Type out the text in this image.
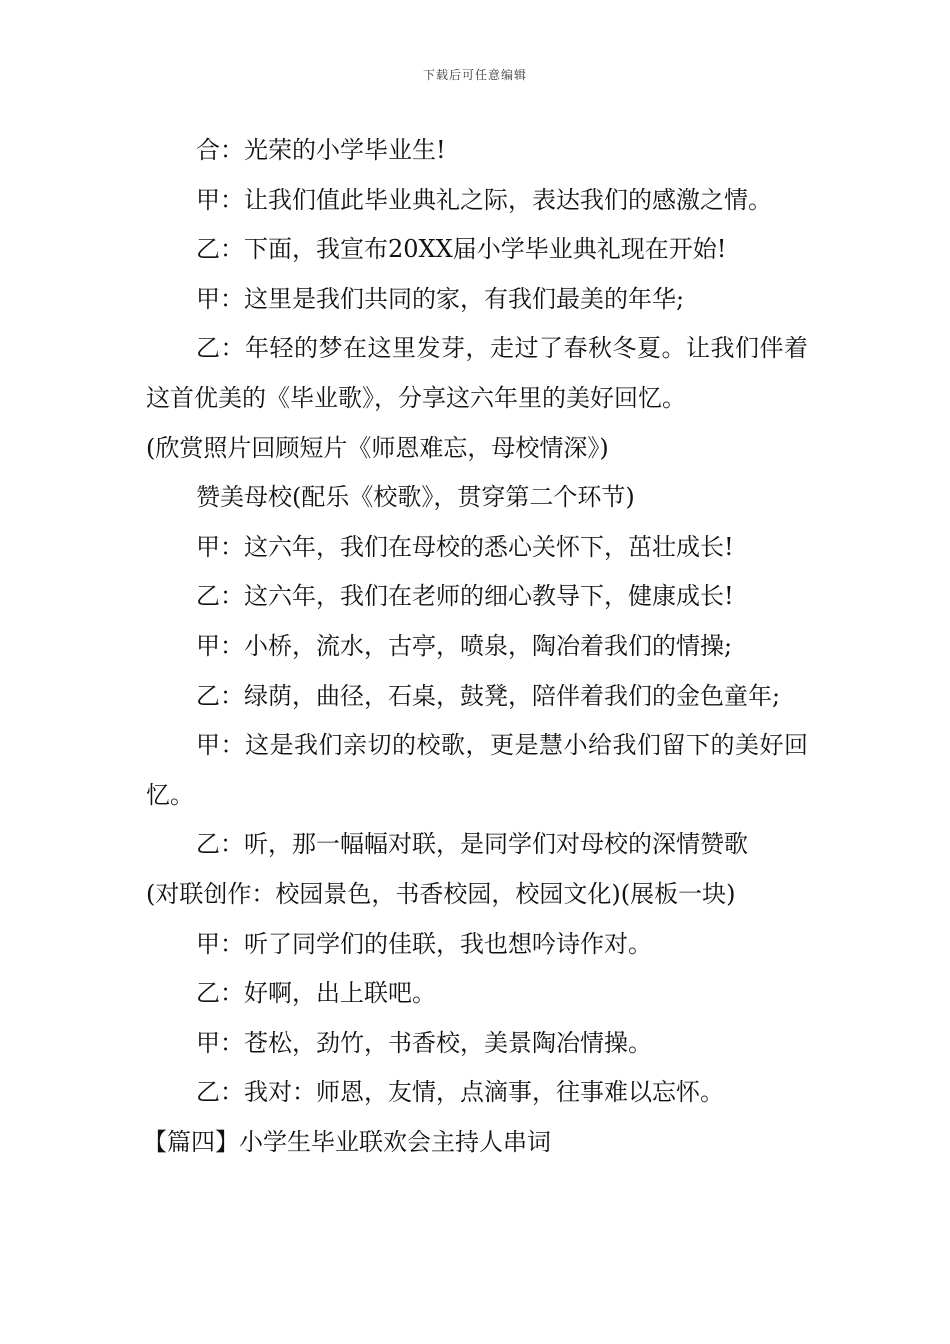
下载后可任意编辑

合：光荣的小学毕业生!

甲：让我们值此毕业典礼之际，表达我们的感激之情。

乙：下面，我宣布20XX届小学毕业典礼现在开始!

甲：这里是我们共同的家，有我们最美的年华;

乙：年轻的梦在这里发芽，走过了春秋冬夏。让我们伴着这首优美的《毕业歌》，分享这六年里的美好回忆。

(欣赏照片回顾短片《师恩难忘，母校情深》)

赞美母校(配乐《校歌》，贯穿第二个环节)

甲：这六年，我们在母校的悉心关怀下，茁壮成长!

乙：这六年，我们在老师的细心教导下，健康成长!

甲：小桥，流水，古亭，喷泉，陶冶着我们的情操;

乙：绿荫，曲径，石桌，鼓凳，陪伴着我们的金色童年;

甲：这是我们亲切的校歌，更是慧小给我们留下的美好回忆。

乙：听，那一幅幅对联，是同学们对母校的深情赞歌

(对联创作：校园景色，书香校园，校园文化)(展板一块)

甲：听了同学们的佳联，我也想吟诗作对。

乙：好啊，出上联吧。

甲：苍松，劲竹，书香校，美景陶冶情操。

乙：我对：师恩，友情，点滴事，往事难以忘怀。

【篇四】小学生毕业联欢会主持人串词
